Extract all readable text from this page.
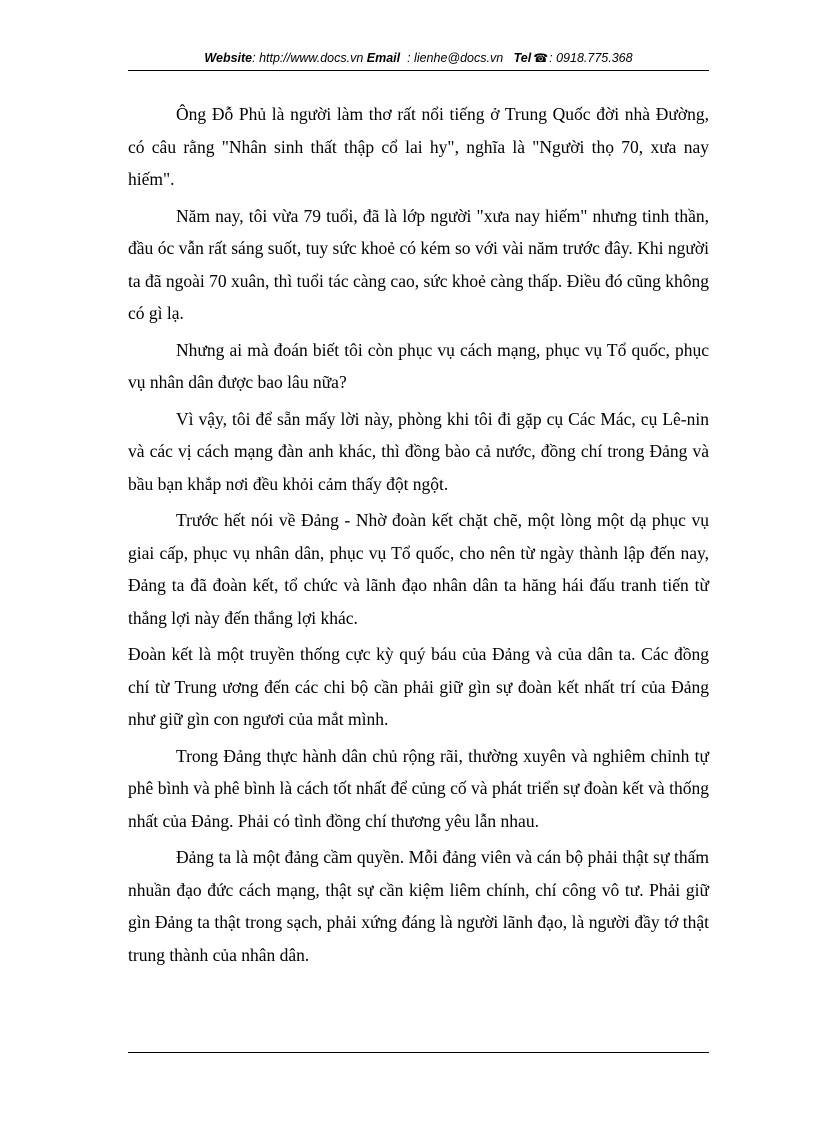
Website: http://www.docs.vn Email : lienhe@docs.vn Tel ☎: 0918.775.368

Ông Đỗ Phủ là người làm thơ rất nổi tiếng ở Trung Quốc đời nhà Đường, có câu rằng "Nhân sinh thất thập cổ lai hy", nghĩa là "Người thọ 70, xưa nay hiếm".

Năm nay, tôi vừa 79 tuổi, đã là lớp người "xưa nay hiếm" nhưng tinh thần, đầu óc vẫn rất sáng suốt, tuy sức khoẻ có kém so với vài năm trước đây. Khi người ta đã ngoài 70 xuân, thì tuổi tác càng cao, sức khoẻ càng thấp. Điều đó cũng không có gì lạ.

Nhưng ai mà đoán biết tôi còn phục vụ cách mạng, phục vụ Tổ quốc, phục vụ nhân dân được bao lâu nữa?

Vì vậy, tôi để sẵn mấy lời này, phòng khi tôi đi gặp cụ Các Mác, cụ Lê-nin và các vị cách mạng đàn anh khác, thì đồng bào cả nước, đồng chí trong Đảng và bầu bạn khắp nơi đều khỏi cảm thấy đột ngột.

Trước hết nói về Đảng - Nhờ đoàn kết chặt chẽ, một lòng một dạ phục vụ giai cấp, phục vụ nhân dân, phục vụ Tổ quốc, cho nên từ ngày thành lập đến nay, Đảng ta đã đoàn kết, tổ chức và lãnh đạo nhân dân ta hăng hái đấu tranh tiến từ thắng lợi này đến thắng lợi khác.

Đoàn kết là một truyền thống cực kỳ quý báu của Đảng và của dân ta. Các đồng chí từ Trung ương đến các chi bộ cần phải giữ gìn sự đoàn kết nhất trí của Đảng như giữ gìn con ngươi của mắt mình.

Trong Đảng thực hành dân chủ rộng rãi, thường xuyên và nghiêm chỉnh tự phê bình và phê bình là cách tốt nhất để củng cố và phát triển sự đoàn kết và thống nhất của Đảng. Phải có tình đồng chí thương yêu lẫn nhau.

Đảng ta là một đảng cầm quyền. Mỗi đảng viên và cán bộ phải thật sự thấm nhuần đạo đức cách mạng, thật sự cần kiệm liêm chính, chí công vô tư. Phải giữ gìn Đảng ta thật trong sạch, phải xứng đáng là người lãnh đạo, là người đầy tớ thật trung thành của nhân dân.
